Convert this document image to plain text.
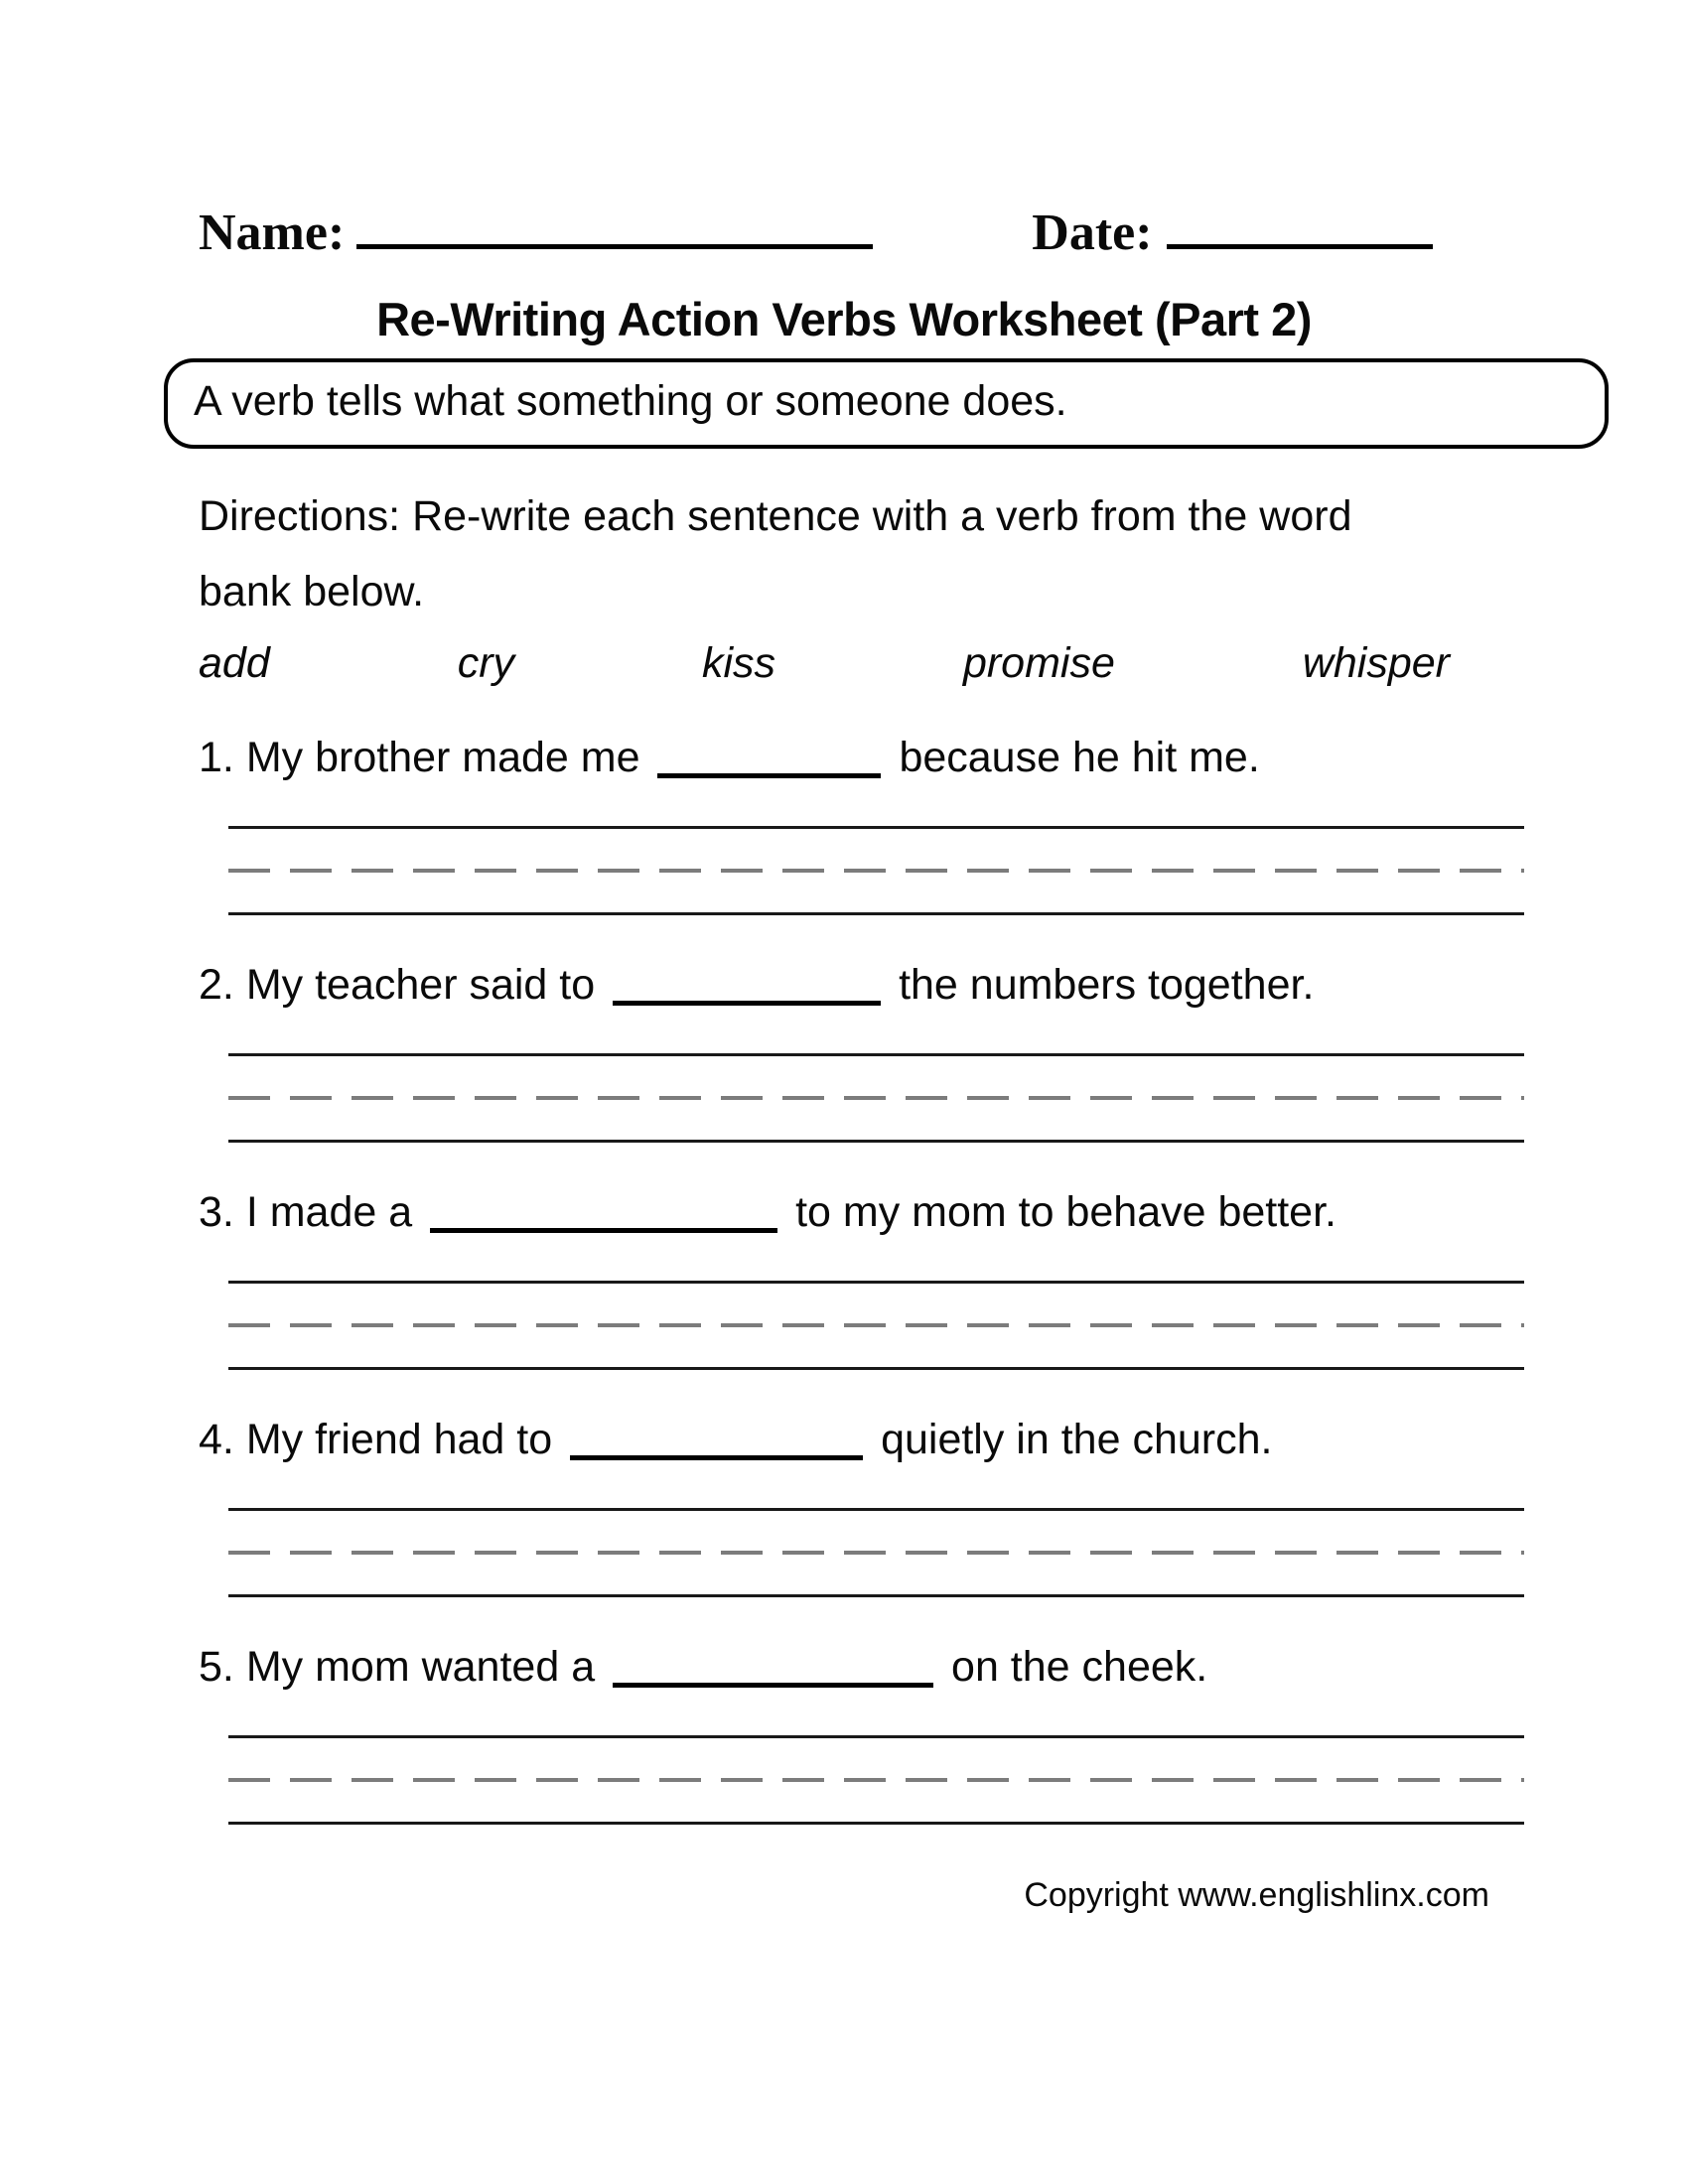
Name:	Date:
Re-Writing Action Verbs Worksheet (Part 2)
A verb tells what something or someone does.
Directions: Re-write each sentence with a verb from the word
bank below.
add	cry	kiss	promise	whisper
1. My brother made me	because he hit me.
2. My teacher said to	the numbers together.
3. I made a	to my mom to behave better.
4. My friend had to	quietly in the church.
5. My mom wanted a	on the cheek.
Copyright www.englishlinx.com
